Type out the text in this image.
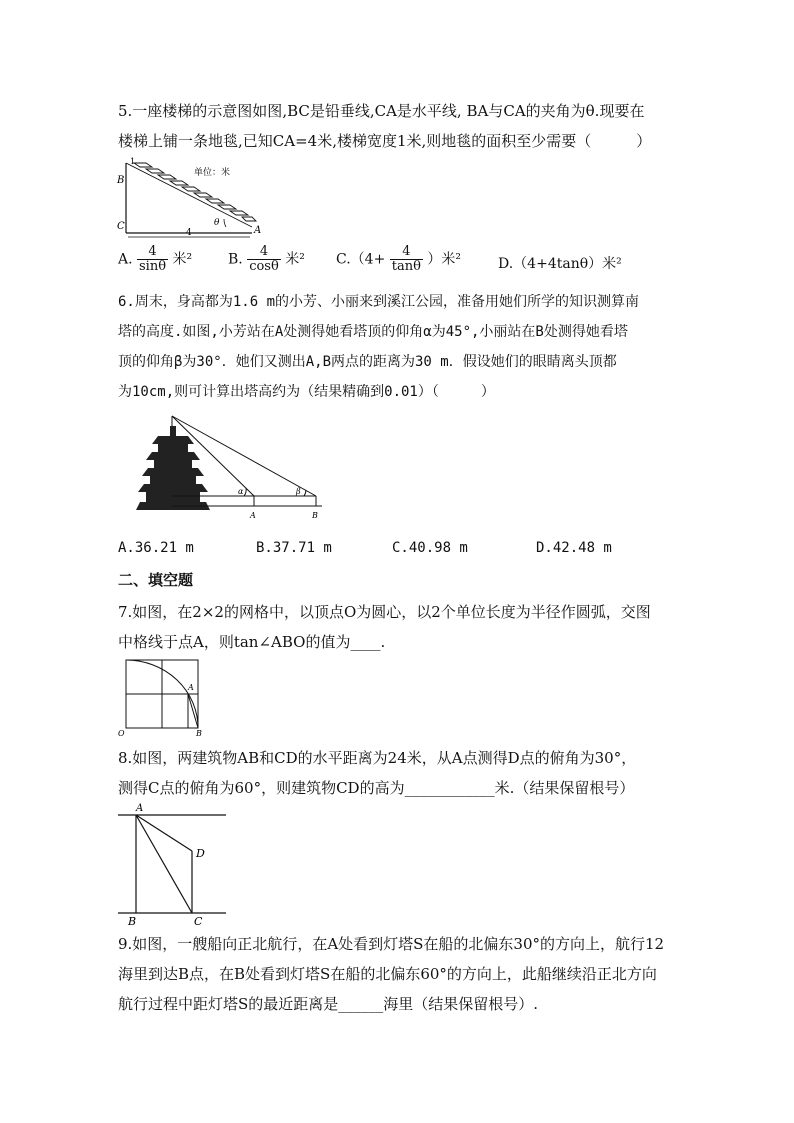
5.一座楼梯的示意图如图,BC是铅垂线,CA是水平线, BA与CA的夹角为θ.现要在
楼梯上铺一条地毯,已知CA=4米,楼梯宽度1米,则地毯的面积至少需要（　　　）
单位：米
1
B
C	A
θ
4
A. $\frac{4}{\sin\theta}$ 米²	B. $\frac{4}{\cos\theta}$ 米² $C.(4+ \frac{4}{\tan\theta}$ ）米²	D.（4+4tanθ）米²
6.周末，身高都为1.6 m的小芳、小丽来到溪江公园，准备用她们所学的知识测算南
塔的高度.如图,小芳站在A处测得她看塔顶的仰角α为45°,小丽站在B处测得她看塔
顶的仰角β为30°．她们又测出A,B两点的距离为30 m．假设她们的眼睛离头顶都
为10cm,则可计算出塔高约为（结果精确到0.01）（　　　）
α	β
A	B
A.36.21 m	B.37.71 m	C.40.98 m	D.42.48 m
二、填空题
7.如图，在2×2的网格中，以顶点O为圆心，以2个单位长度为半径作圆弧，交图
中格线于点A，则tan∠ABO的值为____.
O
A
B
8.如图，两建筑物AB和CD的水平距离为24米，从A点测得D点的俯角为30°，
测得C点的俯角为60°，则建筑物CD的高为____________米.（结果保留根号）
A
B	C
D
9.如图，一艘船向正北航行，在A处看到灯塔S在船的北偏东30°的方向上，航行12
海里到达B点，在B处看到灯塔S在船的北偏东60°的方向上，此船继续沿正北方向
航行过程中距灯塔S的最近距离是______海里（结果保留根号）.
